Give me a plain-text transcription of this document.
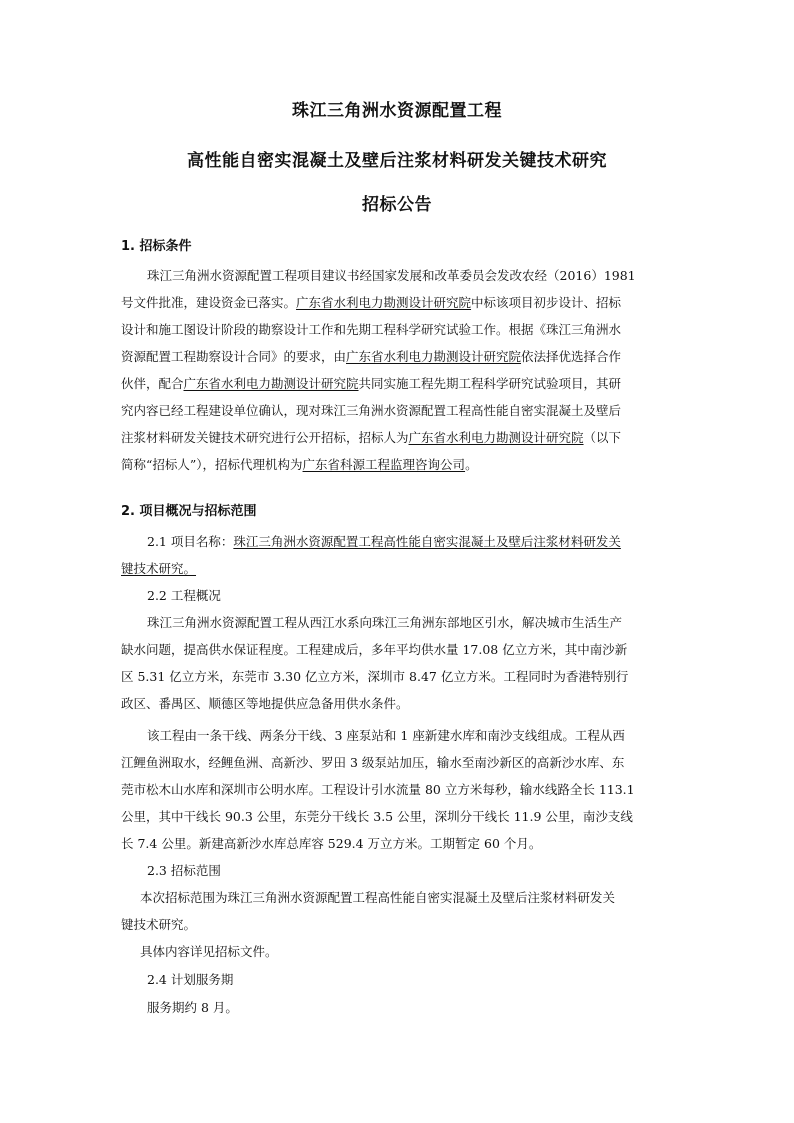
珠江三角洲水资源配置工程
高性能自密实混凝土及壁后注浆材料研发关键技术研究
招标公告
1. 招标条件
珠江三角洲水资源配置工程项目建议书经国家发展和改革委员会发改农经（2016）1981
号文件批准，建设资金已落实。广东省水利电力勘测设计研究院中标该项目初步设计、招标
设计和施工图设计阶段的勘察设计工作和先期工程科学研究试验工作。根据《珠江三角洲水
资源配置工程勘察设计合同》的要求，由广东省水利电力勘测设计研究院依法择优选择合作
伙伴，配合广东省水利电力勘测设计研究院共同实施工程先期工程科学研究试验项目，其研
究内容已经工程建设单位确认，现对珠江三角洲水资源配置工程高性能自密实混凝土及壁后
注浆材料研发关键技术研究进行公开招标，招标人为广东省水利电力勘测设计研究院（以下
简称“招标人”），招标代理机构为广东省科源工程监理咨询公司。
2. 项目概况与招标范围
2.1 项目名称：珠江三角洲水资源配置工程高性能自密实混凝土及壁后注浆材料研发关
键技术研究。
2.2 工程概况
珠江三角洲水资源配置工程从西江水系向珠江三角洲东部地区引水，解决城市生活生产
缺水问题，提高供水保证程度。工程建成后，多年平均供水量 17.08 亿立方米，其中南沙新
区 5.31 亿立方米，东莞市 3.30 亿立方米，深圳市 8.47 亿立方米。工程同时为香港特别行
政区、番禺区、顺德区等地提供应急备用供水条件。
该工程由一条干线、两条分干线、3 座泵站和 1 座新建水库和南沙支线组成。工程从西
江鲤鱼洲取水，经鲤鱼洲、高新沙、罗田 3 级泵站加压，输水至南沙新区的高新沙水库、东
莞市松木山水库和深圳市公明水库。工程设计引水流量 80 立方米每秒，输水线路全长 113.1
公里，其中干线长 90.3 公里，东莞分干线长 3.5 公里，深圳分干线长 11.9 公里，南沙支线
长 7.4 公里。新建高新沙水库总库容 529.4 万立方米。工期暂定 60 个月。
2.3 招标范围
本次招标范围为珠江三角洲水资源配置工程高性能自密实混凝土及壁后注浆材料研发关
键技术研究。
具体内容详见招标文件。
2.4 计划服务期
服务期约 8 月。
